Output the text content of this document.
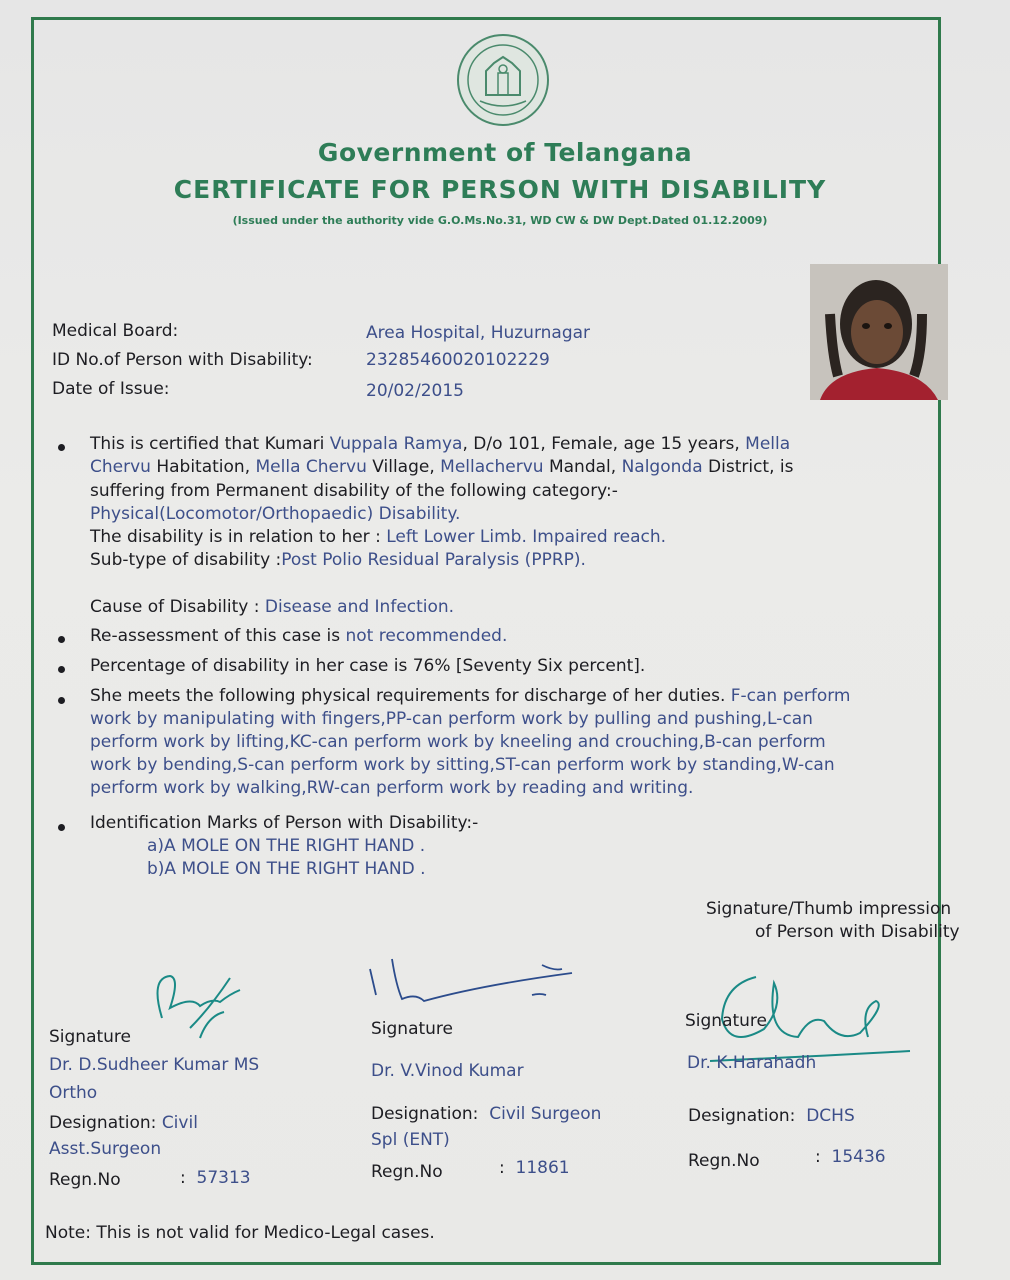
Government of Telangana
CERTIFICATE FOR PERSON WITH DISABILITY
(Issued under the authority vide G.O.Ms.No.31, WD CW & DW Dept.Dated 01.12.2009)
Medical Board:	Area Hospital, Huzurnagar
ID No.of Person with Disability:	23285460020102229
Date of Issue:	20/02/2015
This is certified that Kumari Vuppala Ramya, D/o 101, Female, age 15 years, Mella
Chervu Habitation, Mella Chervu Village, Mellachervu Mandal, Nalgonda District, is
suffering from Permanent disability of the following category:-
Physical(Locomotor/Orthopaedic) Disability.
The disability is in relation to her : Left Lower Limb. Impaired reach.
Sub-type of disability :Post Polio Residual Paralysis (PPRP).
Cause of Disability : Disease and Infection.
Re-assessment of this case is not recommended.
Percentage of disability in her case is 76% [Seventy Six percent].
She meets the following physical requirements for discharge of her duties. F-can perform
work by manipulating with fingers,PP-can perform work by pulling and pushing,L-can
perform work by lifting,KC-can perform work by kneeling and crouching,B-can perform
work by bending,S-can perform work by sitting,ST-can perform work by standing,W-can
perform work by walking,RW-can perform work by reading and writing.
Identification Marks of Person with Disability:-
a)A MOLE ON THE RIGHT HAND .
b)A MOLE ON THE RIGHT HAND .
Signature/Thumb impression
of Person with Disability
Signature
Dr. D.Sudheer Kumar MS
Ortho
Designation: Civil
Asst.Surgeon
Regn.No	: 57313
Signature
Dr. V.Vinod Kumar
Designation: Civil Surgeon
Spl (ENT)
Regn.No	: 11861
Signature
Dr. K.Harahadh
Designation: DCHS
Regn.No	: 15436
Note: This is not valid for Medico-Legal cases.
